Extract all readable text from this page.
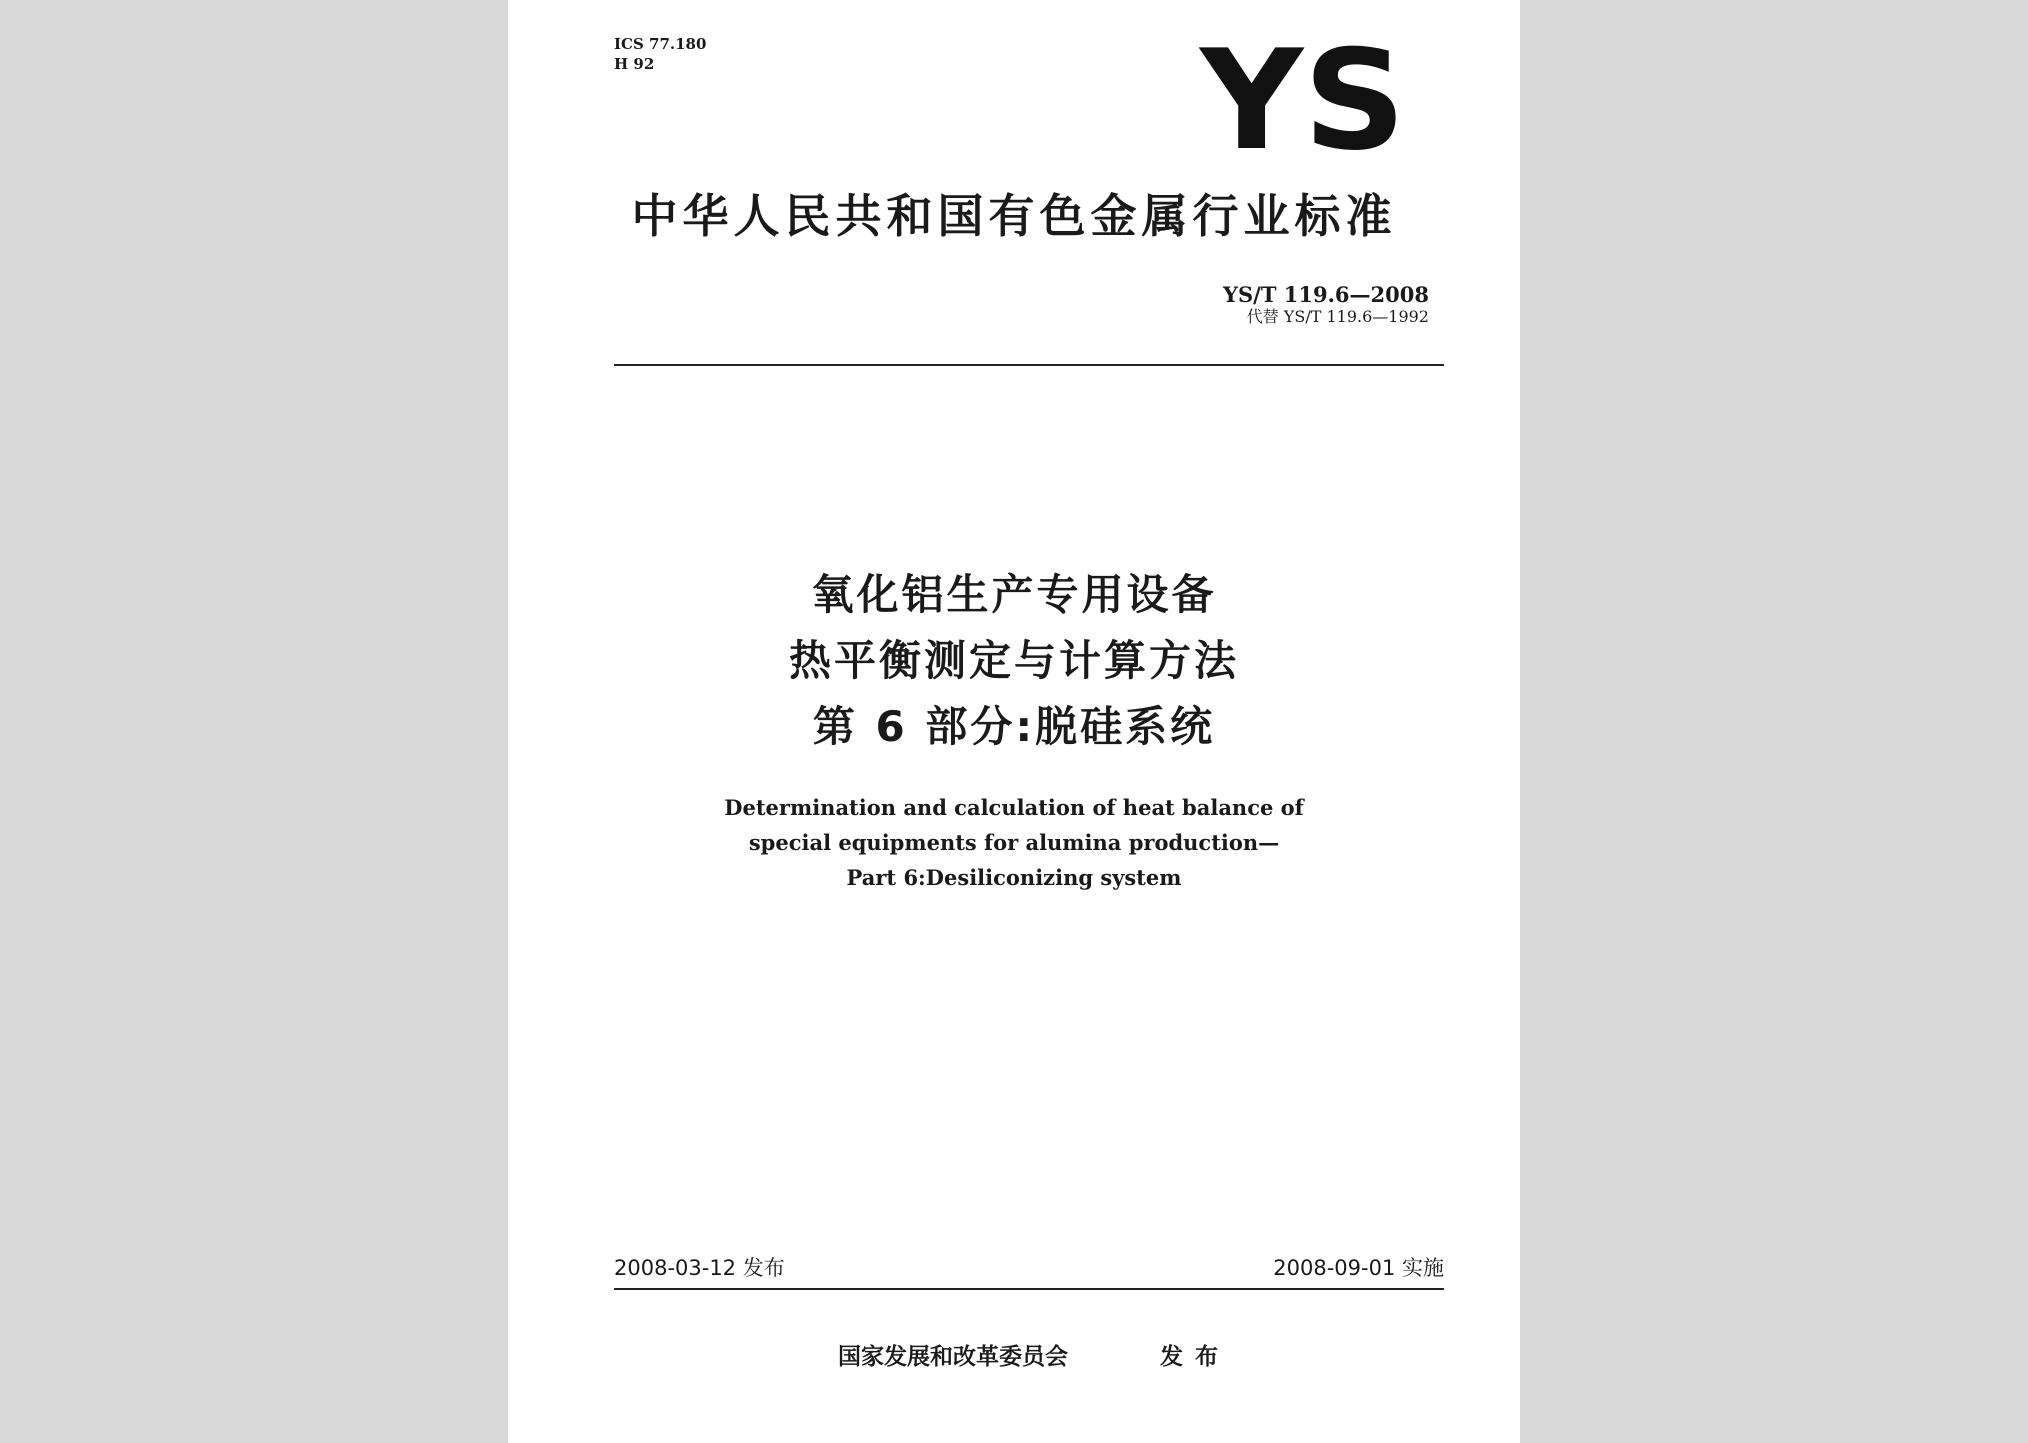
ICS 77.180
H 92	YS
中华人民共和国有色金属行业标准
YS/T 119.6—2008
代替 YS/T 119.6—1992
氧化铝生产专用设备
热平衡测定与计算方法
第 6 部分:脱硅系统
Determination and calculation of heat balance of
special equipments for alumina production—
Part 6:Desiliconizing system
2008-03-12 发布	2008-09-01 实施
国家发展和改革委员会	发布
